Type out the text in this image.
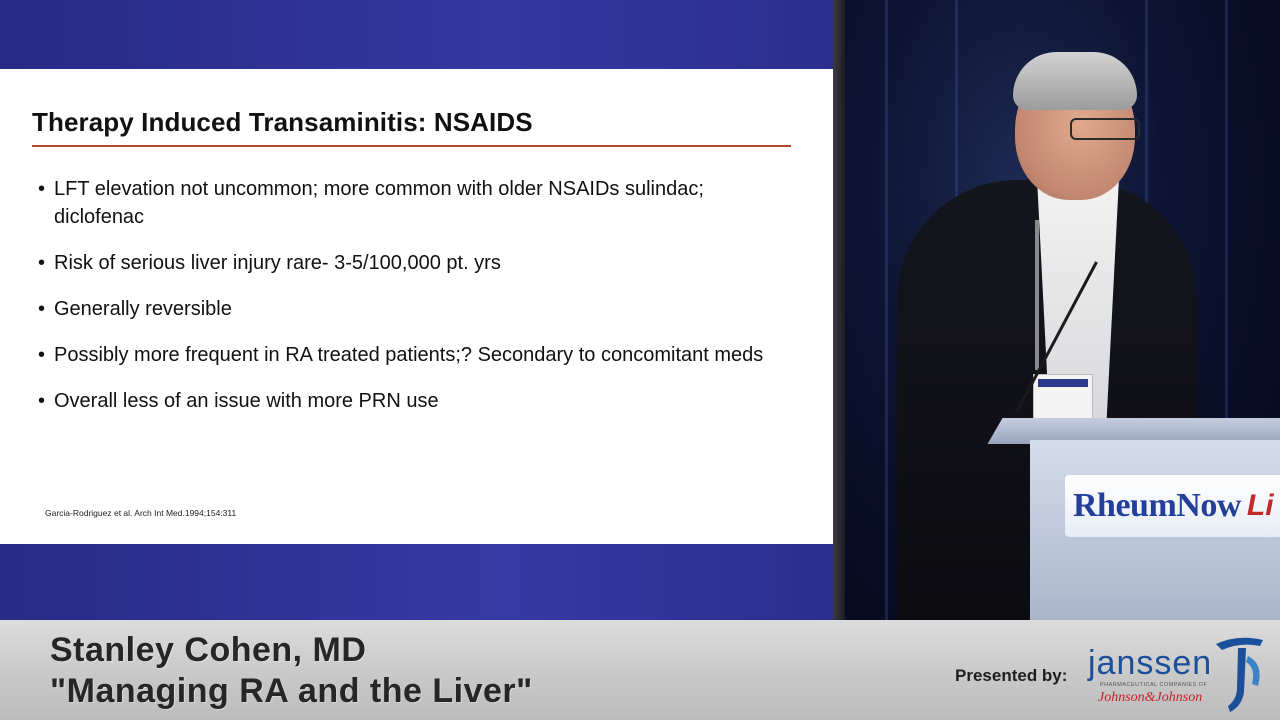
Therapy Induced Transaminitis: NSAIDS
• LFT elevation not uncommon; more common with older NSAIDs sulindac; diclofenac
• Risk of serious liver injury rare- 3-5/100,000 pt. yrs
• Generally reversible
• Possibly more frequent in RA treated patients;? Secondary to concomitant meds
• Overall less of an issue with more PRN use
Garcia-Rodriguez et al. Arch Int Med.1994;154:311	RheumNow Li
Stanley Cohen, MD
"Managing RA and the Liver"	Presented by: janssen
PHARMACEUTICAL COMPANIES OF
Johnson&Johnson
